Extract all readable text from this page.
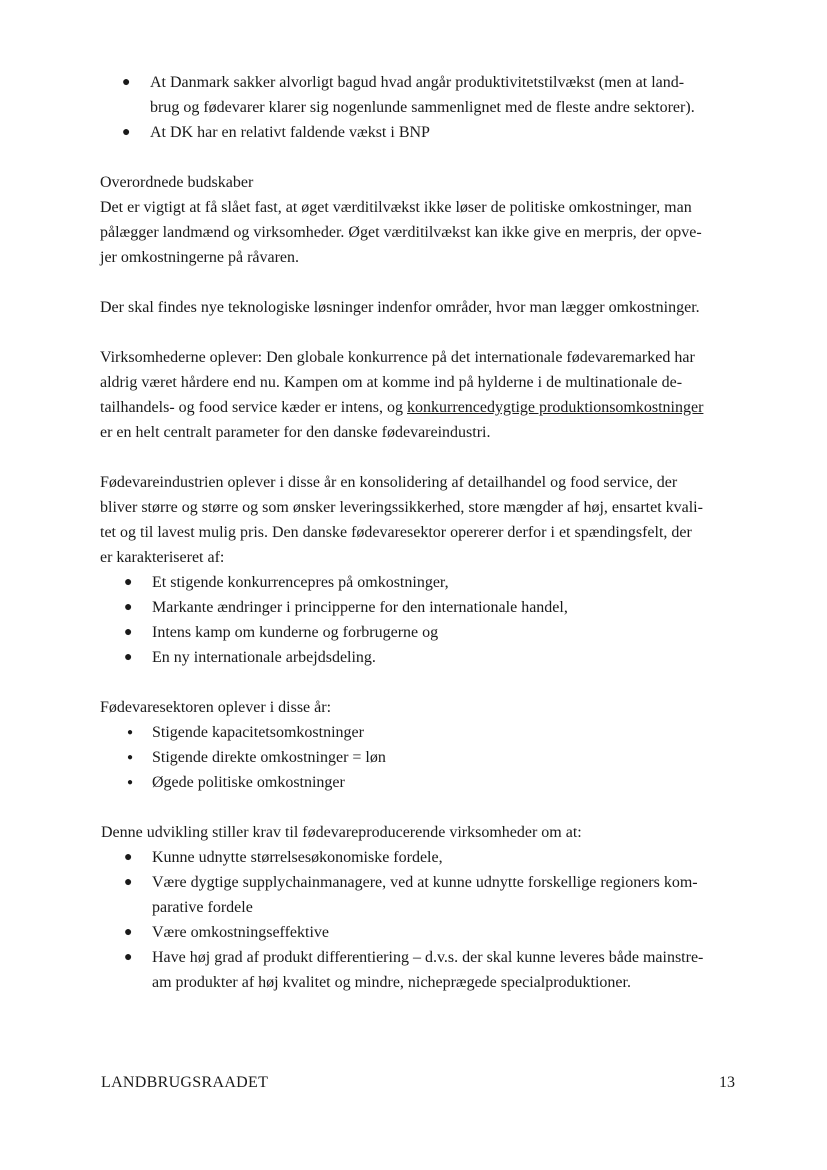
● At Danmark sakker alvorligt bagud hvad angår produktivitetstilvækst (men at land-
brug og fødevarer klarer sig nogenlunde sammenlignet med de fleste andre sektorer).
● At DK har en relativt faldende vækst i BNP
Overordnede budskaber
Det er vigtigt at få slået fast, at øget værditilvækst ikke løser de politiske omkostninger, man
pålægger landmænd og virksomheder. Øget værditilvækst kan ikke give en merpris, der opve-
jer omkostningerne på råvaren.
Der skal findes nye teknologiske løsninger indenfor områder, hvor man lægger omkostninger.
Virksomhederne oplever: Den globale konkurrence på det internationale fødevaremarked har
aldrig været hårdere end nu. Kampen om at komme ind på hylderne i de multinationale de-
tailhandels- og food service kæder er intens, og konkurrencedygtige produktionsomkostninger
er en helt centralt parameter for den danske fødevareindustri.
Fødevareindustrien oplever i disse år en konsolidering af detailhandel og food service, der
bliver større og større og som ønsker leveringssikkerhed, store mængder af høj, ensartet kvali-
tet og til lavest mulig pris. Den danske fødevaresektor opererer derfor i et spændingsfelt, der
er karakteriseret af:
● Et stigende konkurrencepres på omkostninger,
● Markante ændringer i principperne for den internationale handel,
● Intens kamp om kunderne og forbrugerne og
● En ny internationale arbejdsdeling.
Fødevaresektoren oplever i disse år:
● Stigende kapacitetsomkostninger
● Stigende direkte omkostninger = løn
● Øgede politiske omkostninger
Denne udvikling stiller krav til fødevareproducerende virksomheder om at:
● Kunne udnytte størrelsesøkonomiske fordele,
● Være dygtige supplychainmanagere, ved at kunne udnytte forskellige regioners kom-
parative fordele
● Være omkostningseffektive
● Have høj grad af produkt differentiering – d.v.s. der skal kunne leveres både mainstre-
am produkter af høj kvalitet og mindre, nicheprægede specialproduktioner.
LANDBRUGSRAADET	13
